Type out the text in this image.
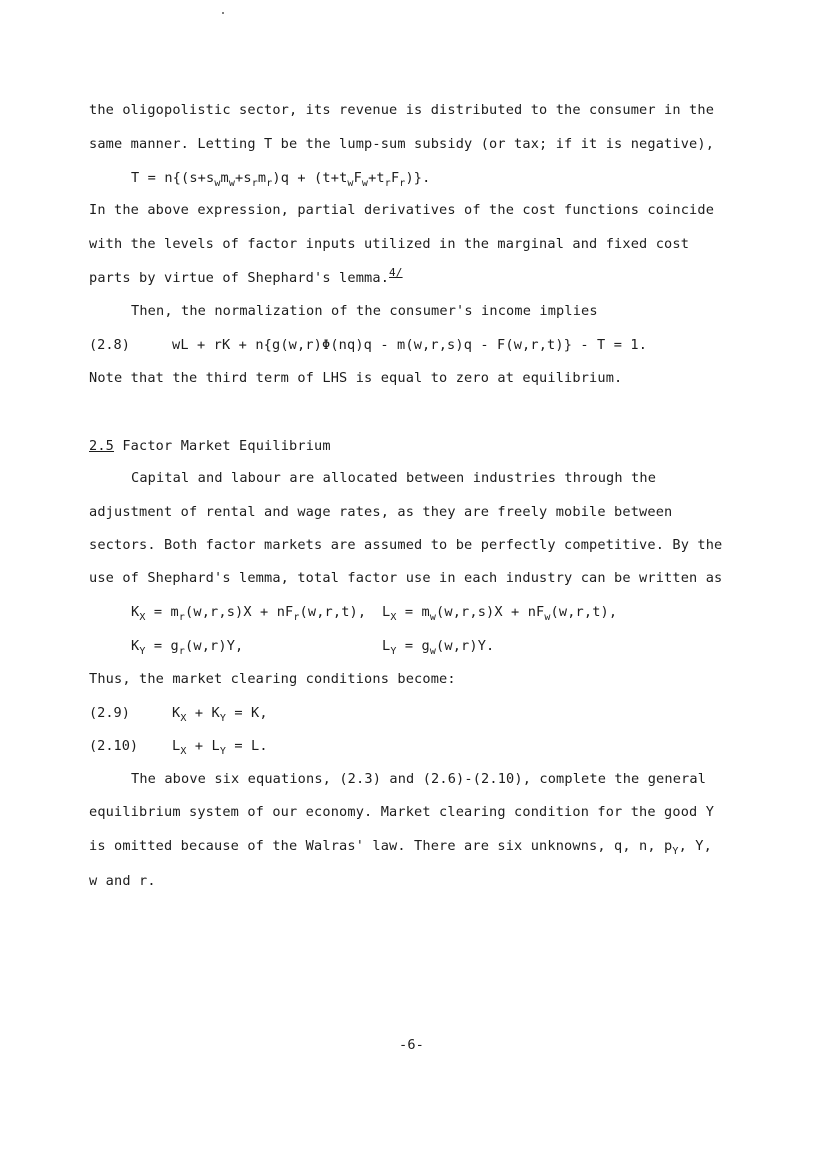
the oligopolistic sector, its revenue is distributed to the consumer in the
same manner. Letting T be the lump-sum subsidy (or tax; if it is negative),
$T = n\{(s+s_wm_w+s_rm_r)q + (t+t_wF_w+t_rF_r)\}$.
In the above expression, partial derivatives of the cost functions coincide
with the levels of factor inputs utilized in the marginal and fixed cost
parts by virtue of Shephard's lemma.$^{4/}$
Then, the normalization of the consumer's income implies
(2.8)	wL + rK + n{g(w,r)Φ(nq)q - m(w,r,s)q - F(w,r,t)} - T = 1.
Note that the third term of LHS is equal to zero at equilibrium.
2.5 Factor Market Equilibrium
Capital and labour are allocated between industries through the
adjustment of rental and wage rates, as they are freely mobile between
sectors. Both factor markets are assumed to be perfectly competitive. By the
use of Shephard's lemma, total factor use in each industry can be written as
$K_X = m_r(w,r,s)X + nF_r(w,r,t)$, $L_X = m_w(w,r,s)X + nF_w(w,r,t)$,
$K_Y = g_r(w,r)Y$,	$L_Y = g_w(w,r)Y$.
Thus, the market clearing conditions become:
(2.9)	$K_X + K_Y = K$,
(2.10) $L_X + L_Y = L$.
The above six equations, (2.3) and (2.6)-(2.10), complete the general
equilibrium system of our economy. Market clearing condition for the good Y
is omitted because of the Walras' law. There are six unknowns, q, n, $p_Y$, Y,
w and r.
-6-
